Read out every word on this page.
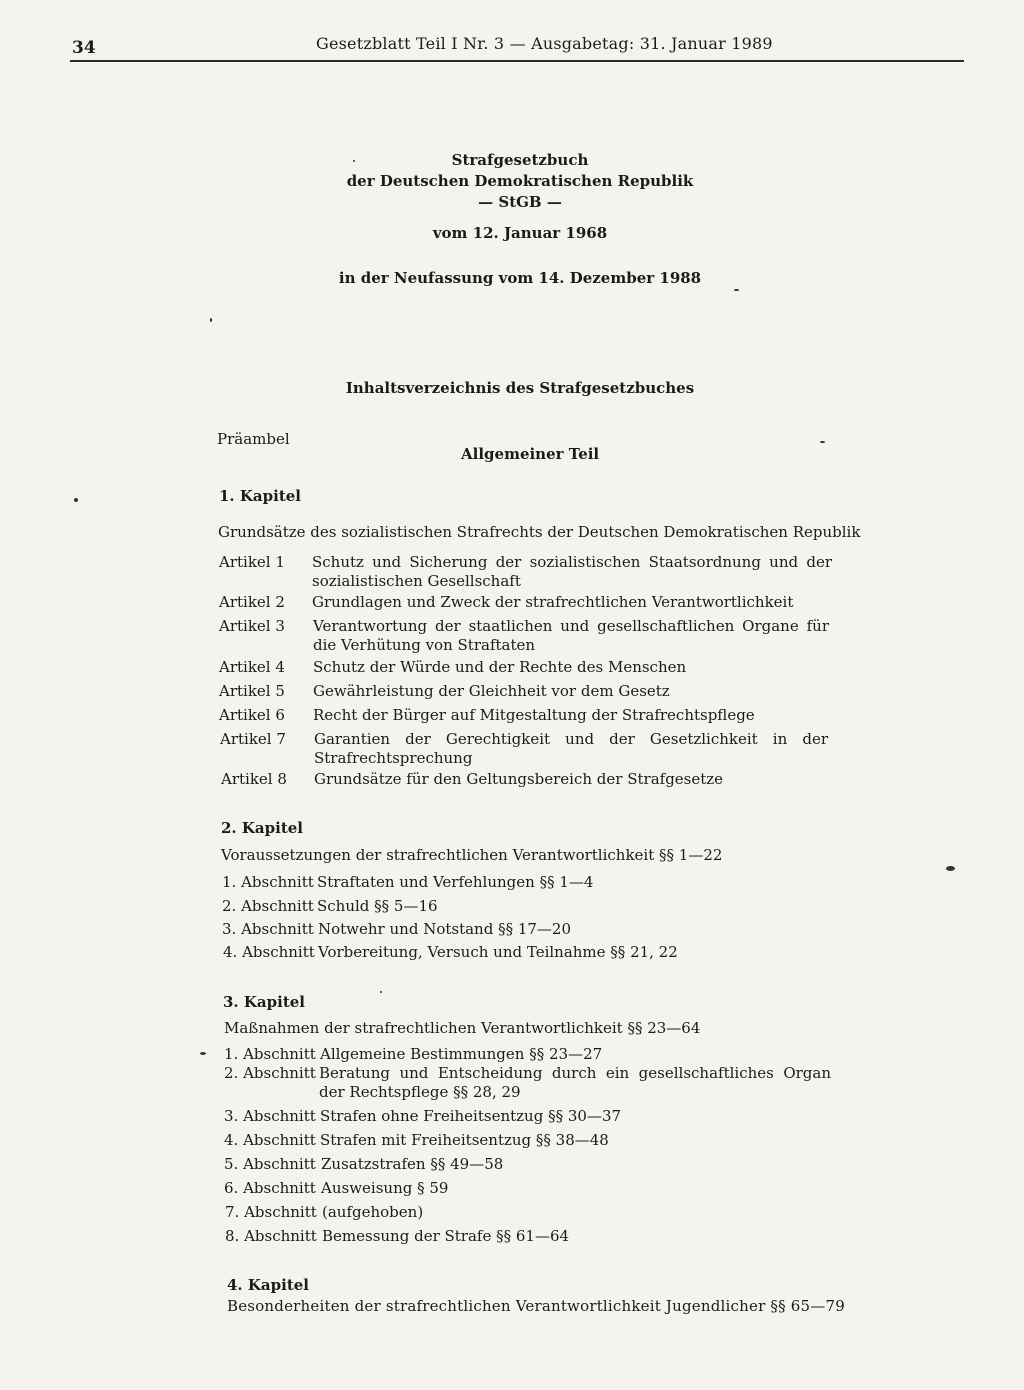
34	Gesetzblatt Teil I Nr. 3 — Ausgabetag: 31. Januar 1989
Strafgesetzbuch
der Deutschen Demokratischen Republik
— StGB —
vom 12. Januar 1968
in der Neufassung vom 14. Dezember 1988
Inhaltsverzeichnis des Strafgesetzbuches
Präambel
Allgemeiner Teil
1. Kapitel
Grundsätze des sozialistischen Strafrechts der Deutschen Demokratischen Republik
Artikel 1 Schutz und Sicherung der sozialistischen Staatsordnung und der sozialistischen Gesellschaft
Artikel 2 Grundlagen und Zweck der strafrechtlichen Verantwortlichkeit
Artikel 3 Verantwortung der staatlichen und gesellschaftlichen Organe für die Verhütung von Straftaten
Artikel 4 Schutz der Würde und der Rechte des Menschen
Artikel 5 Gewährleistung der Gleichheit vor dem Gesetz
Artikel 6 Recht der Bürger auf Mitgestaltung der Strafrechtspflege
Artikel 7 Garantien der Gerechtigkeit und der Gesetzlichkeit in der Strafrechtsprechung
Artikel 8 Grundsätze für den Geltungsbereich der Strafgesetze
2. Kapitel
Voraussetzungen der strafrechtlichen Verantwortlichkeit §§ 1—22
1. Abschnitt Straftaten und Verfehlungen §§ 1—4
2. Abschnitt Schuld §§ 5—16
3. Abschnitt Notwehr und Notstand §§ 17—20
4. Abschnitt Vorbereitung, Versuch und Teilnahme §§ 21, 22
3. Kapitel
Maßnahmen der strafrechtlichen Verantwortlichkeit §§ 23—64
1. Abschnitt Allgemeine Bestimmungen §§ 23—27
2. Abschnitt Beratung und Entscheidung durch ein gesellschaftliches Organ der Rechtspflege §§ 28, 29
3. Abschnitt Strafen ohne Freiheitsentzug §§ 30—37
4. Abschnitt Strafen mit Freiheitsentzug §§ 38—48
5. Abschnitt Zusatzstrafen §§ 49—58
6. Abschnitt Ausweisung § 59
7. Abschnitt (aufgehoben)
8. Abschnitt Bemessung der Strafe §§ 61—64
4. Kapitel
Besonderheiten der strafrechtlichen Verantwortlichkeit Jugendlicher §§ 65—79
